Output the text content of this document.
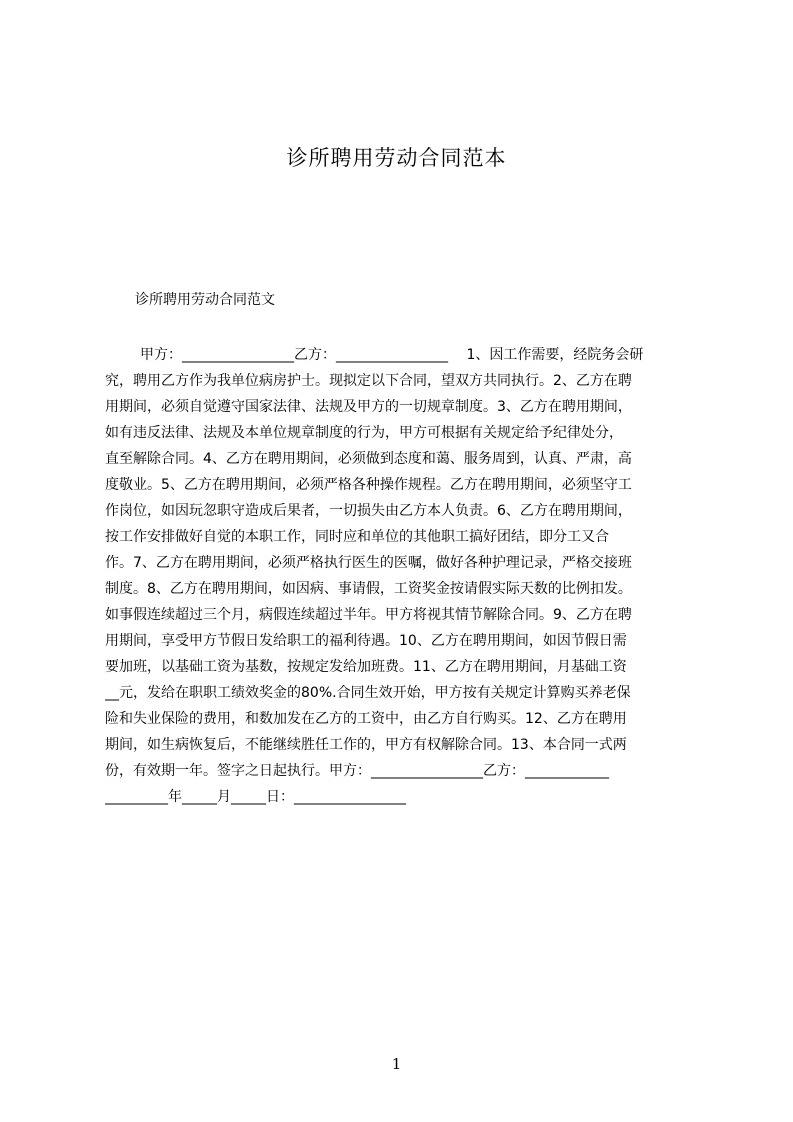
诊所聘用劳动合同范本
诊所聘用劳动合同范文
甲方：________________乙方：________________　 1、因工作需要，经院务会研
究，聘用乙方作为我单位病房护士。现拟定以下合同，望双方共同执行。2、乙方在聘
用期间，必须自觉遵守国家法律、法规及甲方的一切规章制度。3、乙方在聘用期间，
如有违反法律、法规及本单位规章制度的行为，甲方可根据有关规定给予纪律处分，
直至解除合同。4、乙方在聘用期间，必须做到态度和蔼、服务周到，认真、严肃，高
度敬业。5、乙方在聘用期间，必须严格各种操作规程。乙方在聘用期间，必须坚守工
作岗位，如因玩忽职守造成后果者，一切损失由乙方本人负责。6、乙方在聘用期间，
按工作安排做好自觉的本职工作，同时应和单位的其他职工搞好团结，即分工又合
作。7、乙方在聘用期间，必须严格执行医生的医嘱，做好各种护理记录，严格交接班
制度。8、乙方在聘用期间，如因病、事请假，工资奖金按请假实际天数的比例扣发。
如事假连续超过三个月，病假连续超过半年。甲方将视其情节解除合同。9、乙方在聘
用期间，享受甲方节假日发给职工的福利待遇。10、乙方在聘用期间，如因节假日需
要加班，以基础工资为基数，按规定发给加班费。11、乙方在聘用期间，月基础工资
__元，发给在职职工绩效奖金的80%.合同生效开始，甲方按有关规定计算购买养老保
险和失业保险的费用，和数加发在乙方的工资中，由乙方自行购买。12、乙方在聘用
期间，如生病恢复后，不能继续胜任工作的，甲方有权解除合同。13、本合同一式两
份，有效期一年。签字之日起执行。甲方：________________乙方：____________
_________年_____月_____日：________________
1
